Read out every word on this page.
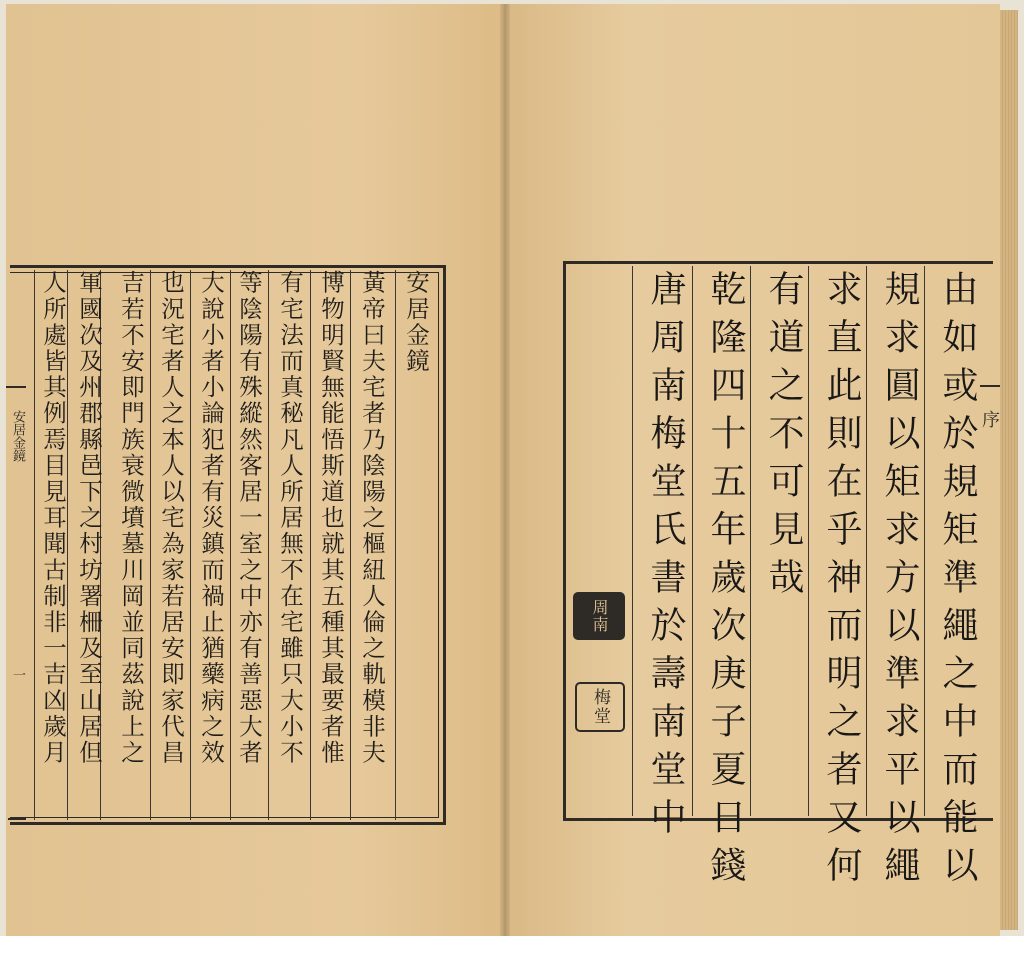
安居金鏡
一
安居金鏡
黃帝曰夫宅者乃陰陽之樞紐人倫之軌模非夫
博物明賢無能悟斯道也就其五種其最要者惟
有宅法而真秘凡人所居無不在宅雖只大小不
等陰陽有殊縱然客居一室之中亦有善惡大者
大說小者小論犯者有災鎮而禍止猶藥病之效
也況宅者人之本人以宅為家若居安即家代昌
吉若不安即門族衰微墳墓川岡並同茲說上之
軍國次及州郡縣邑下之村坊署柵及至山居但
人所處皆其例焉目見耳聞古制非一吉凶歲月	序
由如或於規矩準繩之中而能以
規求圓以矩求方以準求平以繩
求直此則在乎神而明之者又何
有道之不可見哉
乾隆四十五年歲次庚子夏日錢
唐周南梅堂氏書於壽南堂中
周南
梅堂
